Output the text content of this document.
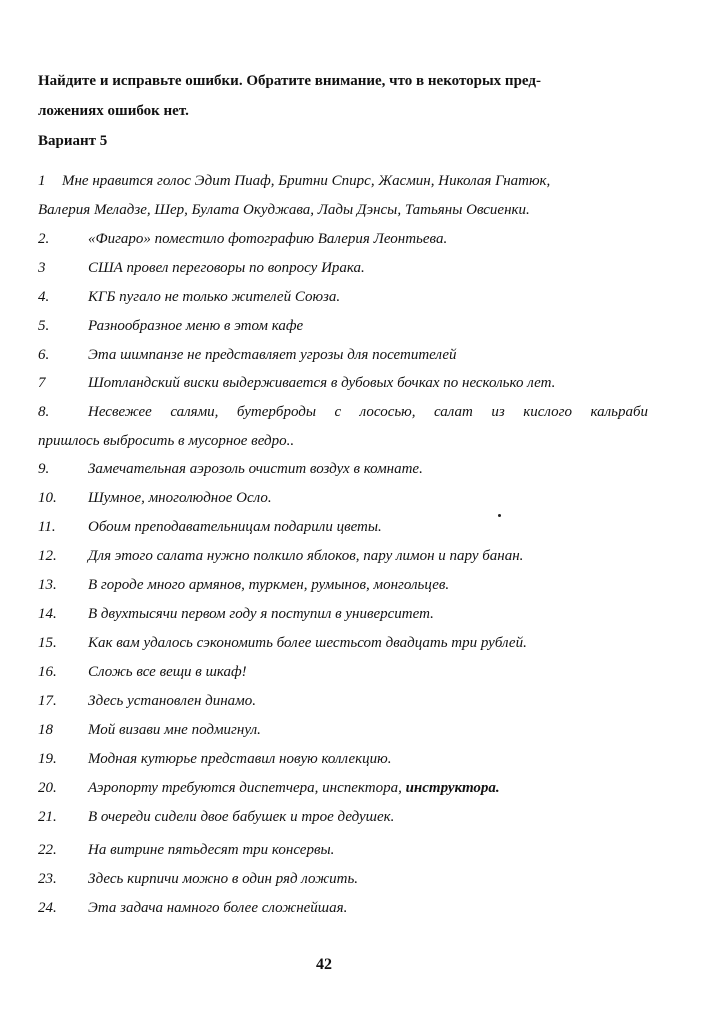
Найдите и исправьте ошибки. Обратите внимание, что в некоторых пред-
ложениях ошибок нет.
Вариант 5
1 Мне нравится голос Эдит Пиаф, Бритни Спирс, Жасмин, Николая Гнатюк,
Валерия Меладзе, Шер, Булата Окуджава, Лады Дэнсы, Татьяны Овсиенки.
2.	«Фигаро» поместило фотографию Валерия Леонтьева.
3	США провел переговоры по вопросу Ирака.
4.	КГБ пугало не только жителей Союза.
5.	Разнообразное меню в этом кафе
6.	Эта шимпанзе не представляет угрозы для посетителей
7	Шотландский виски выдерживается в дубовых бочках по несколько лет.
8.	Несвежее салями, бутерброды с лососью, салат из кислого кальраби
пришлось выбросить в мусорное ведро..
9.	Замечательная аэрозоль очистит воздух в комнате.
10. Шумное, многолюдное Осло.
11. Обоим преподавательницам подарили цветы.
12. Для этого салата нужно полкило яблоков, пару лимон и пару банан.
13. В городе много армянов, туркмен, румынов, монгольцев.
14. В двухтысячи первом году я поступил в университет.
15. Как вам удалось сэкономить более шестьсот двадцать три рублей.
16. Сложь все вещи в шкаф!
17. Здесь установлен динамо.
18 Мой визави мне подмигнул.
19. Модная кутюрье представил новую коллекцию.
20. Аэропорту требуются диспетчера, инспектора, инструктора.
21. В очереди сидели двое бабушек и трое дедушек.
22. На витрине пятьдесят три консервы.
23. Здесь кирпичи можно в один ряд ложить.
24. Эта задача намного более сложнейшая.
42
